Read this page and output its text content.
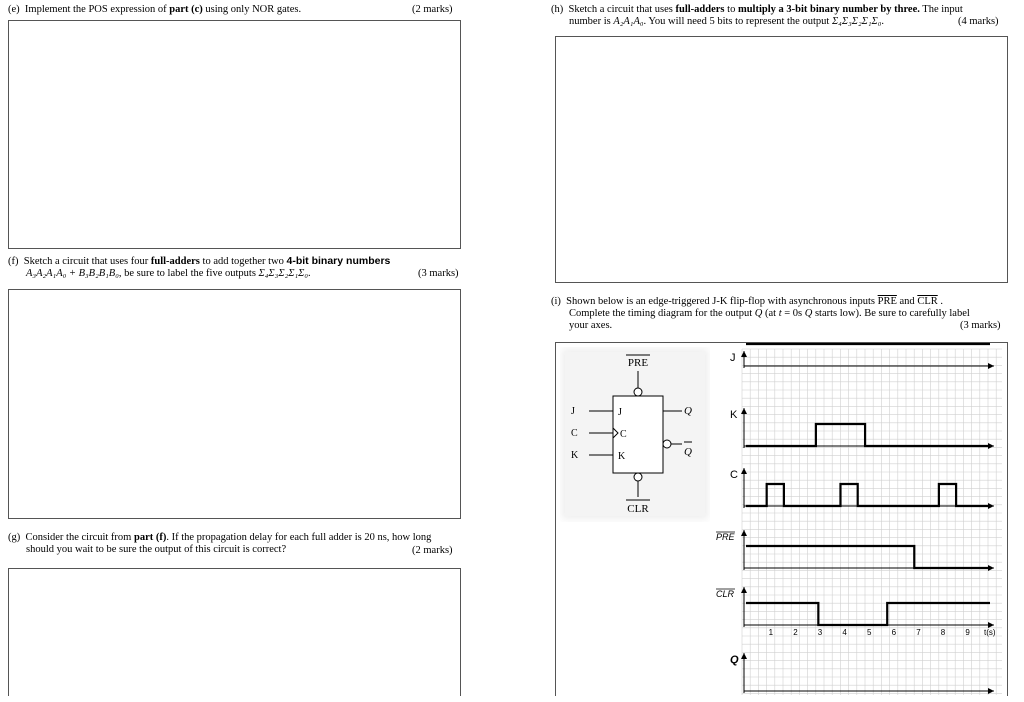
(e) Implement the POS expression of part (c) using only NOR gates.	(2 marks)
(f) Sketch a circuit that uses four full-adders to add together two 4-bit binary numbers
A₃A₂A₁A₀ + B₃B₂B₁B₀, be sure to label the five outputs Σ₄Σ₃Σ₂Σ₁Σ₀.	(3 marks)
(g) Consider the circuit from part (f). If the propagation delay for each full adder is 20 ns, how long
should you wait to be sure the output of this circuit is correct?	(2 marks)
(h) Sketch a circuit that uses full-adders to multiply a 3-bit binary number by three. The input
number is A₂A₁A₀. You will need 5 bits to represent the output Σ₄Σ₃Σ₂Σ₁Σ₀.	(4 marks)
(i) Shown below is an edge-triggered J-K flip-flop with asynchronous inputs $\overline{PRE}$ and $\overline{CLR}$ .
Complete the timing diagram for the output Q (at t = 0s Q starts low). Be sure to carefully label
your axes.	(3 marks)
PRE
J
C
K
J
C
K
Q
Q
CLR
J
K
C
PRE
CLR
Q
1	2	3	4	5	6	7	8	9 t(s)
